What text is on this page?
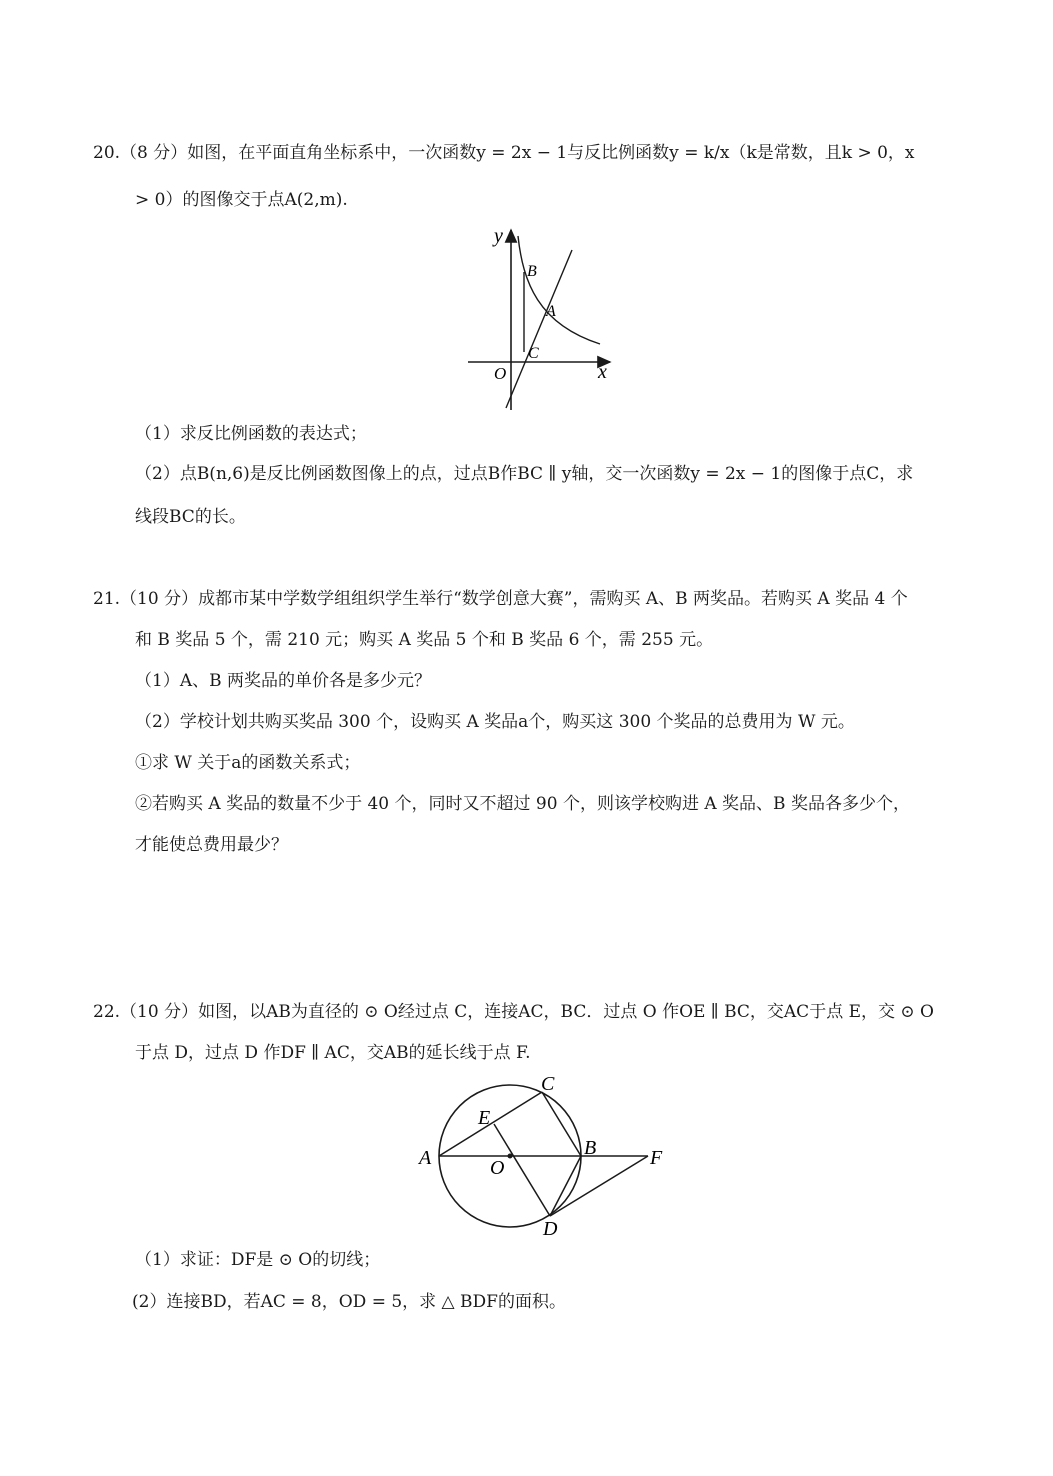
20.（8 分）如图，在平面直角坐标系中，一次函数y = 2x − 1与反比例函数y = k/x（k是常数，且k > 0，x
> 0）的图像交于点A(2,m).
y
x
O
B
A
C
（1）求反比例函数的表达式；
（2）点B(n,6)是反比例函数图像上的点，过点B作BC ∥ y轴，交一次函数y = 2x − 1的图像于点C，求
线段BC的长。
21.（10 分）成都市某中学数学组组织学生举行“数学创意大赛”，需购买 A、B 两奖品。若购买 A 奖品 4 个
和 B 奖品 5 个，需 210 元；购买 A 奖品 5 个和 B 奖品 6 个，需 255 元。
（1）A、B 两奖品的单价各是多少元？
（2）学校计划共购买奖品 300 个，设购买 A 奖品a个，购买这 300 个奖品的总费用为 W 元。
①求 W 关于a的函数关系式；
②若购买 A 奖品的数量不少于 40 个，同时又不超过 90 个，则该学校购进 A 奖品、B 奖品各多少个，
才能使总费用最少？
22.（10 分）如图，以AB为直径的 ⊙ O经过点 C，连接AC，BC．过点 O 作OE ∥ BC，交AC于点 E，交 ⊙ O
于点 D，过点 D 作DF ∥ AC，交AB的延长线于点 F.
A	B
C
D
E
F
O
（1）求证：DF是 ⊙ O的切线；
(2）连接BD，若AC = 8，OD = 5，求 △ BDF的面积。
